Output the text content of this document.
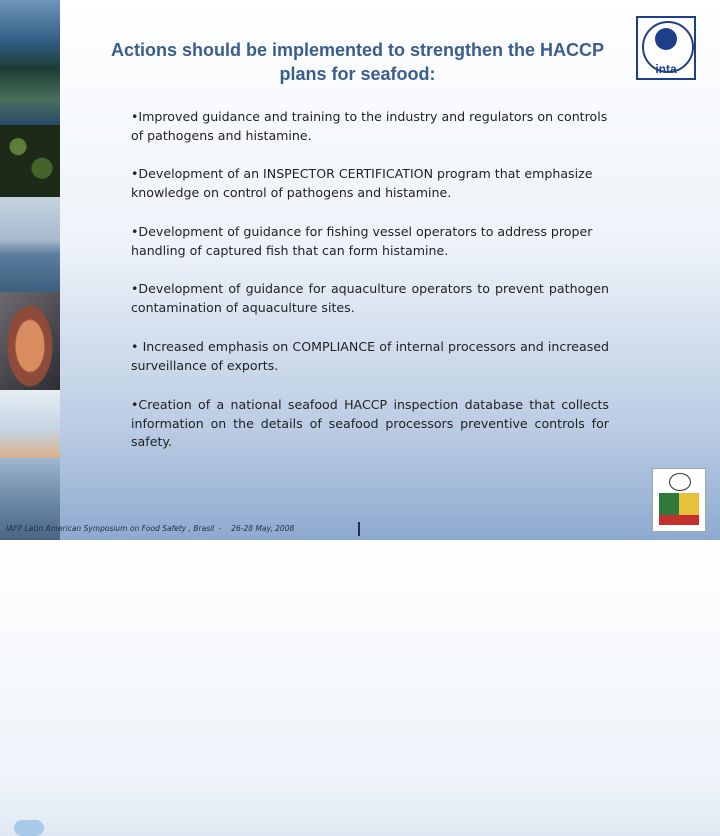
Actions should be implemented to strengthen the HACCP plans for seafood:	inta
•Improved guidance and training to the industry and regulators on controls of pathogens and histamine.
•Development of an INSPECTOR CERTIFICATION program that emphasize knowledge on control of pathogens and histamine.
•Development of guidance for fishing vessel operators to address proper handling of captured fish that can form histamine.
•Development of guidance for aquaculture operators to prevent pathogen contamination of aquaculture sites.
• Increased emphasis on COMPLIANCE of internal processors and increased surveillance of exports.
•Creation of a national seafood HACCP inspection database that collects information on the details of seafood processors preventive controls for safety.
IAFP Latin American Symposium on Food Safety , Brasil  -    26-28 May, 2008
